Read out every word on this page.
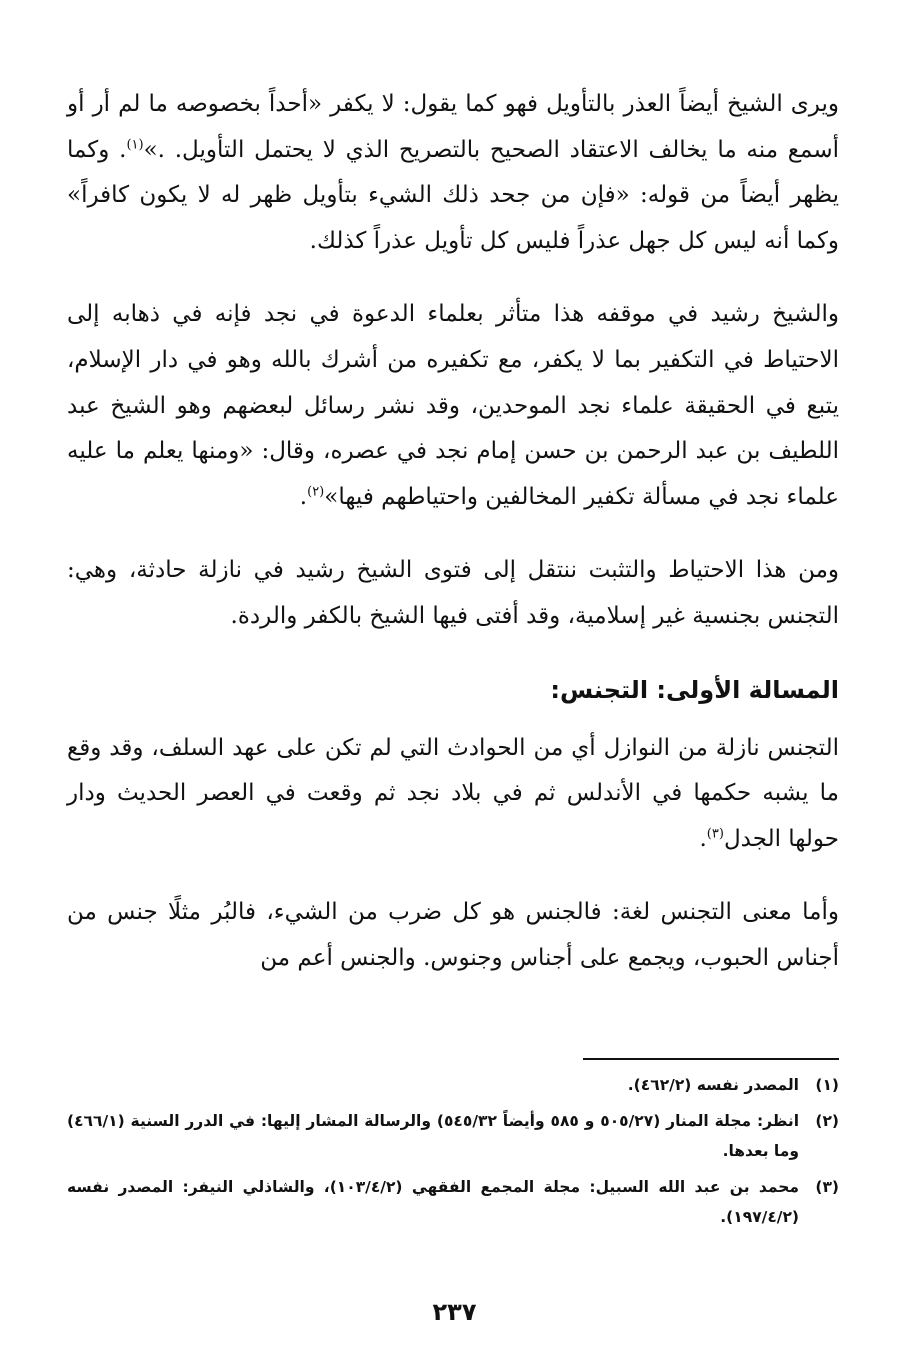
ويرى الشيخ أيضاً العذر بالتأويل فهو كما يقول: لا يكفر «أحداً بخصوصه ما لم أر أو أسمع منه ما يخالف الاعتقاد الصحيح بالتصريح الذي لا يحتمل التأويل. .»$^{(١)}$. وكما يظهر أيضاً من قوله: «فإن من جحد ذلك الشيء بتأويل ظهر له لا يكون كافراً» وكما أنه ليس كل جهل عذراً فليس كل تأويل عذراً كذلك.

والشيخ رشيد في موقفه هذا متأثر بعلماء الدعوة في نجد فإنه في ذهابه إلى الاحتياط في التكفير بما لا يكفر، مع تكفيره من أشرك بالله وهو في دار الإسلام، يتبع في الحقيقة علماء نجد الموحدين، وقد نشر رسائل لبعضهم وهو الشيخ عبد اللطيف بن عبد الرحمن بن حسن إمام نجد في عصره، وقال: «ومنها يعلم ما عليه علماء نجد في مسألة تكفير المخالفين واحتياطهم فيها»$^{(٢)}$.

ومن هذا الاحتياط والتثبت ننتقل إلى فتوى الشيخ رشيد في نازلة حادثة، وهي: التجنس بجنسية غير إسلامية، وقد أفتى فيها الشيخ بالكفر والردة.

المسالة الأولى: التجنس:

التجنس نازلة من النوازل أي من الحوادث التي لم تكن على عهد السلف، وقد وقع ما يشبه حكمها في الأندلس ثم في بلاد نجد ثم وقعت في العصر الحديث ودار حولها الجدل$^{(٣)}$.

وأما معنى التجنس لغة: فالجنس هو كل ضرب من الشيء، فالبُر مثلًا جنس من أجناس الحبوب، ويجمع على أجناس وجنوس. والجنس أعم من

(١)
المصدر نفسه (٤٦٢/٢).
(٢)
انظر: مجلة المنار (٥٠٥/٢٧ و ٥٨٥ وأيضاً ٥٤٥/٣٢) والرسالة المشار إليها: في الدرر السنية (٤٦٦/١) وما بعدها.
(٣)
محمد بن عبد الله السبيل: مجلة المجمع الفقهي (١٠٣/٤/٢)، والشاذلي النيفر: المصدر نفسه (١٩٧/٤/٢).
٢٣٧
